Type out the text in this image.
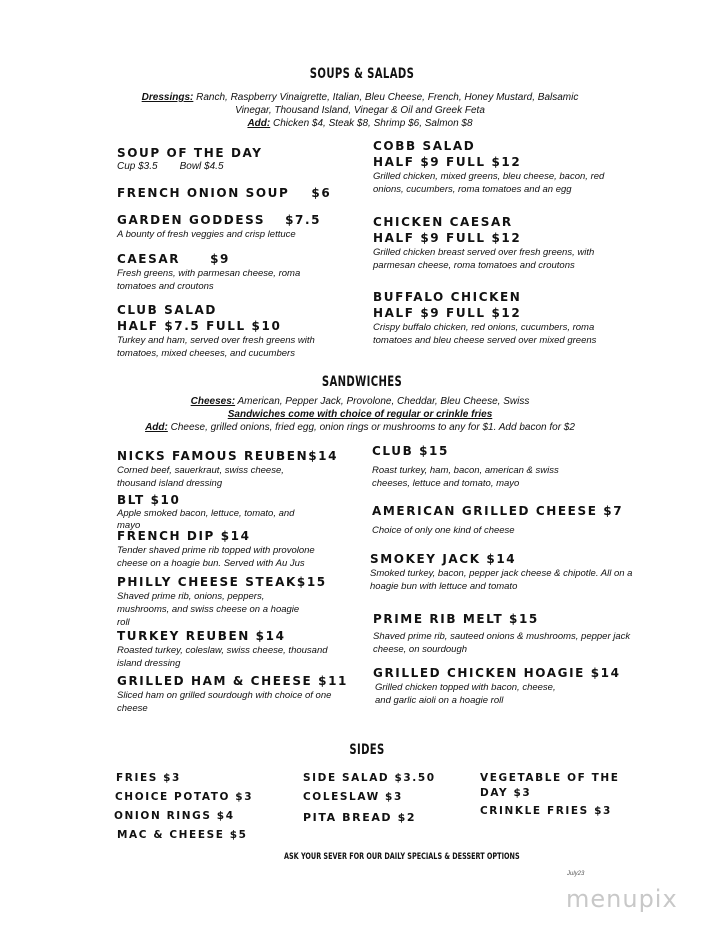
SOUPS & SALADS
Dressings: Ranch, Raspberry Vinaigrette, Italian, Bleu Cheese, French, Honey Mustard, Balsamic
Vinegar, Thousand Island, Vinegar & Oil and Greek Feta
Add: Chicken $4, Steak $8, Shrimp $6, Salmon $8
SOUP OF THE DAY
Cup $3.5 Bowl $4.5
FRENCH ONION SOUP $6
GARDEN GODDESS $7.5
A bounty of fresh veggies and crisp lettuce
CAESAR	$9
Fresh greens, with parmesan cheese, roma
tomatoes and croutons
CLUB SALAD
HALF $7.5 FULL $10
Turkey and ham, served over fresh greens with
tomatoes, mixed cheeses, and cucumbers
COBB SALAD
HALF $9 FULL $12
Grilled chicken, mixed greens, bleu cheese, bacon, red
onions, cucumbers, roma tomatoes and an egg
CHICKEN CAESAR
HALF $9 FULL $12
Grilled chicken breast served over fresh greens, with
parmesan cheese, roma tomatoes and croutons
BUFFALO CHICKEN
HALF $9 FULL $12
Crispy buffalo chicken, red onions, cucumbers, roma
tomatoes and bleu cheese served over mixed greens
SANDWICHES
Cheeses: American, Pepper Jack, Provolone, Cheddar, Bleu Cheese, Swiss
Sandwiches come with choice of regular or crinkle fries
Add: Cheese, grilled onions, fried egg, onion rings or mushrooms to any for $1. Add bacon for $2
NICKS FAMOUS REUBEN$14
Corned beef, sauerkraut, swiss cheese,
thousand island dressing
BLT $10
Apple smoked bacon, lettuce, tomato, and
mayo
FRENCH DIP $14
Tender shaved prime rib topped with provolone
cheese on a hoagie bun. Served with Au Jus
PHILLY CHEESE STEAK$15
Shaved prime rib, onions, peppers,
mushrooms, and swiss cheese on a hoagie
roll
TURKEY REUBEN $14
Roasted turkey, coleslaw, swiss cheese, thousand
island dressing
GRILLED HAM & CHEESE $11
Sliced ham on grilled sourdough with choice of one
cheese
CLUB $15
Roast turkey, ham, bacon, american & swiss
cheeses, lettuce and tomato, mayo
AMERICAN GRILLED CHEESE $7
Choice of only one kind of cheese
SMOKEY JACK $14
Smoked turkey, bacon, pepper jack cheese & chipotle. All on a
hoagie bun with lettuce and tomato
PRIME RIB MELT $15
Shaved prime rib, sauteed onions & mushrooms, pepper jack
cheese, on sourdough
GRILLED CHICKEN HOAGIE $14
Grilled chicken topped with bacon, cheese,
and garlic aioli on a hoagie roll
SIDES
FRIES $3
CHOICE POTATO $3
ONION RINGS $4
MAC & CHEESE $5
SIDE SALAD $3.50
COLESLAW $3
PITA BREAD $2
VEGETABLE OF THE
DAY $3
CRINKLE FRIES $3
ASK YOUR SEVER FOR OUR DAILY SPECIALS & DESSERT OPTIONS
July23
menupix
